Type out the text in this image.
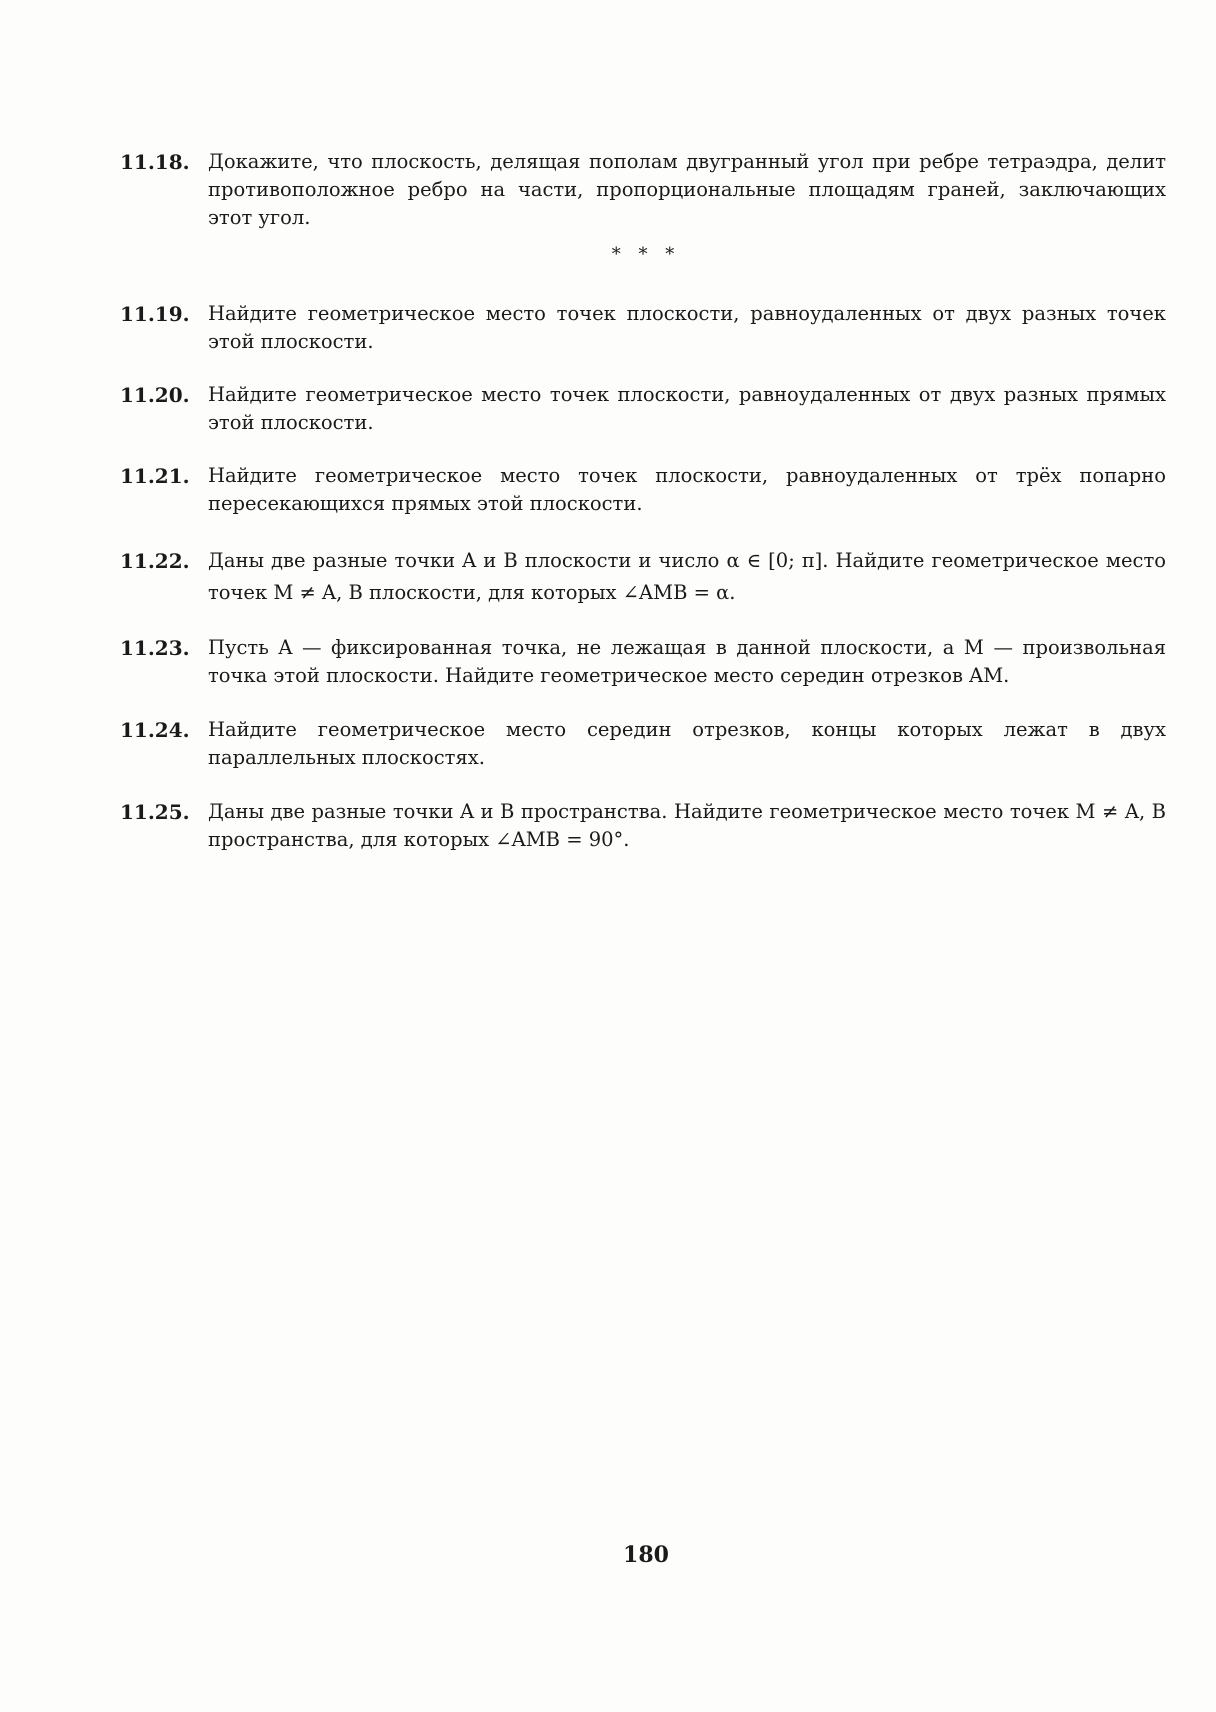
11.18. Докажите, что плоскость, делящая пополам двугранный угол при ребре тетраэдра, делит противоположное ребро на части, пропорциональные площадям граней, заключающих этот угол.
* * *
11.19. Найдите геометрическое место точек плоскости, равноудаленных от двух разных точек этой плоскости.
11.20. Найдите геометрическое место точек плоскости, равноудаленных от двух разных прямых этой плоскости.
11.21. Найдите геометрическое место точек плоскости, равноудаленных от трёх попарно пересекающихся прямых этой плоскости.
11.22. Даны две разные точки A и B плоскости и число α ∈ [0; π]. Найдите геометрическое место точек M ≠ A, B плоскости, для которых ∠AMB = α.
11.23. Пусть A — фиксированная точка, не лежащая в данной плоскости, а M — произвольная точка этой плоскости. Найдите геометрическое место середин отрезков AM.
11.24. Найдите геометрическое место середин отрезков, концы которых лежат в двух параллельных плоскостях.
11.25. Даны две разные точки A и B пространства. Найдите геометрическое место точек M ≠ A, B пространства, для которых ∠AMB = 90°.
180
